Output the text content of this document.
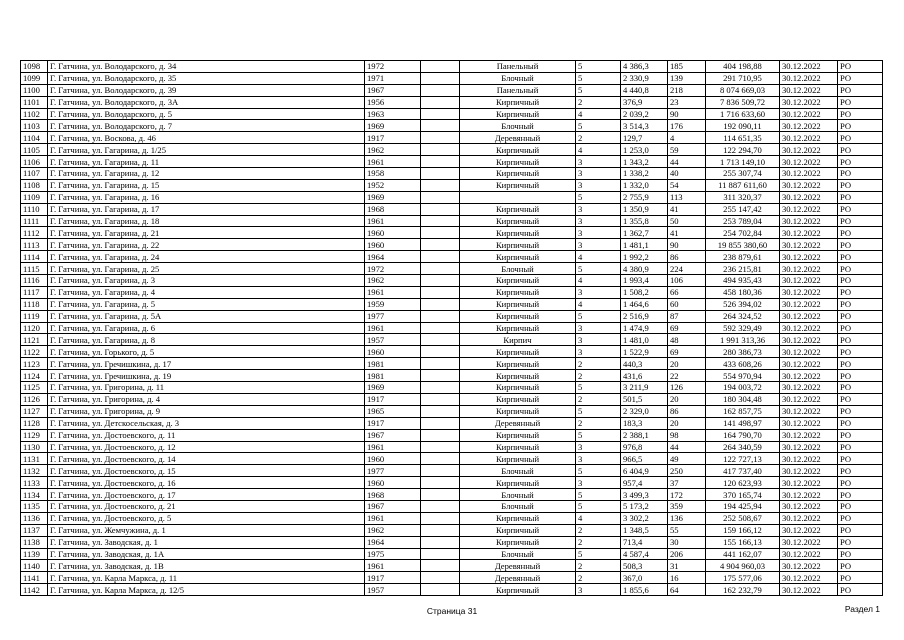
1098	Г. Гатчина, ул. Володарского, д. 34	1972		Панельный	5	4 386,3	185	404 198,88	30.12.2022	РО
1099	Г. Гатчина, ул. Володарского, д. 35	1971		Блочный	5	2 330,9	139	291 710,95	30.12.2022	РО
1100	Г. Гатчина, ул. Володарского, д. 39	1967		Панельный	5	4 440,8	218	8 074 669,03	30.12.2022	РО
1101	Г. Гатчина, ул. Володарского, д. 3А	1956		Кирпичный	2	376,9	23	7 836 509,72	30.12.2022	РО
1102	Г. Гатчина, ул. Володарского, д. 5	1963		Кирпичный	4	2 039,2	90	1 716 633,60	30.12.2022	РО
1103	Г. Гатчина, ул. Володарского, д. 7	1969		Блочный	5	3 514,3	176	192 090,11	30.12.2022	РО
1104	Г. Гатчина, ул. Воскова, д. 46	1917		Деревянный	2	129,7	4	114 651,35	30.12.2022	РО
1105	Г. Гатчина, ул. Гагарина, д. 1/25	1962		Кирпичный	4	1 253,0	59	122 294,70	30.12.2022	РО
1106	Г. Гатчина, ул. Гагарина, д. 11	1961		Кирпичный	3	1 343,2	44	1 713 149,10	30.12.2022	РО
1107	Г. Гатчина, ул. Гагарина, д. 12	1958		Кирпичный	3	1 338,2	40	255 307,74	30.12.2022	РО
1108	Г. Гатчина, ул. Гагарина, д. 15	1952		Кирпичный	3	1 332,0	54	11 887 611,60	30.12.2022	РО
1109	Г. Гатчина, ул. Гагарина, д. 16	1969			5	2 755,9	113	311 320,37	30.12.2022	РО
1110	Г. Гатчина, ул. Гагарина, д. 17	1968		Кирпичный	3	1 350,9	41	255 147,42	30.12.2022	РО
1111	Г. Гатчина, ул. Гагарина, д. 18	1961		Кирпичный	3	1 355,8	50	253 789,04	30.12.2022	РО
1112	Г. Гатчина, ул. Гагарина, д. 21	1960		Кирпичный	3	1 362,7	41	254 702,84	30.12.2022	РО
1113	Г. Гатчина, ул. Гагарина, д. 22	1960		Кирпичный	3	1 481,1	90	19 855 380,60	30.12.2022	РО
1114	Г. Гатчина, ул. Гагарина, д. 24	1964		Кирпичный	4	1 992,2	86	238 879,61	30.12.2022	РО
1115	Г. Гатчина, ул. Гагарина, д. 25	1972		Блочный	5	4 380,9	224	236 215,81	30.12.2022	РО
1116	Г. Гатчина, ул. Гагарина, д. 3	1962		Кирпичный	4	1 993,4	106	494 935,43	30.12.2022	РО
1117	Г. Гатчина, ул. Гагарина, д. 4	1961		Кирпичный	3	1 508,2	66	458 180,36	30.12.2022	РО
1118	Г. Гатчина, ул. Гагарина, д. 5	1959		Кирпичный	4	1 464,6	60	526 394,02	30.12.2022	РО
1119	Г. Гатчина, ул. Гагарина, д. 5А	1977		Кирпичный	5	2 516,9	87	264 324,52	30.12.2022	РО
1120	Г. Гатчина, ул. Гагарина, д. 6	1961		Кирпичный	3	1 474,9	69	592 329,49	30.12.2022	РО
1121	Г. Гатчина, ул. Гагарина, д. 8	1957		Кирпич	3	1 481,0	48	1 991 313,36	30.12.2022	РО
1122	Г. Гатчина, ул. Горького, д. 5	1960		Кирпичный	3	1 522,9	69	280 386,73	30.12.2022	РО
1123	Г. Гатчина, ул. Гречишкина, д. 17	1981		Кирпичный	2	440,3	20	433 608,26	30.12.2022	РО
1124	Г. Гатчина, ул. Гречишкина, д. 19	1981		Кирпичный	2	431,6	22	554 970,94	30.12.2022	РО
1125	Г. Гатчина, ул. Григорина, д. 11	1969		Кирпичный	5	3 211,9	126	194 003,72	30.12.2022	РО
1126	Г. Гатчина, ул. Григорина, д. 4	1917		Кирпичный	2	501,5	20	180 304,48	30.12.2022	РО
1127	Г. Гатчина, ул. Григорина, д. 9	1965		Кирпичный	5	2 329,0	86	162 857,75	30.12.2022	РО
1128	Г. Гатчина, ул. Детскосельская, д. 3	1917		Деревянный	2	183,3	20	141 498,97	30.12.2022	РО
1129	Г. Гатчина, ул. Достоевского, д. 11	1967		Кирпичный	5	2 388,1	98	164 790,70	30.12.2022	РО
1130	Г. Гатчина, ул. Достоевского, д. 12	1961		Кирпичный	3	976,8	44	264 340,59	30.12.2022	РО
1131	Г. Гатчина, ул. Достоевского, д. 14	1960		Кирпичный	3	966,5	49	122 727,13	30.12.2022	РО
1132	Г. Гатчина, ул. Достоевского, д. 15	1977		Блочный	5	6 404,9	250	417 737,40	30.12.2022	РО
1133	Г. Гатчина, ул. Достоевского, д. 16	1960		Кирпичный	3	957,4	37	120 623,93	30.12.2022	РО
1134	Г. Гатчина, ул. Достоевского, д. 17	1968		Блочный	5	3 499,3	172	370 165,74	30.12.2022	РО
1135	Г. Гатчина, ул. Достоевского, д. 21	1967		Блочный	5	5 173,2	359	194 425,94	30.12.2022	РО
1136	Г. Гатчина, ул. Достоевского, д. 5	1961		Кирпичный	4	3 302,2	136	252 508,67	30.12.2022	РО
1137	Г. Гатчина, ул. Жемчужина, д. 1	1962		Кирпичный	2	1 348,5	55	159 166,12	30.12.2022	РО
1138	Г. Гатчина, ул. Заводская, д. 1	1964		Кирпичный	2	713,4	30	155 166,13	30.12.2022	РО
1139	Г. Гатчина, ул. Заводская, д. 1А	1975		Блочный	5	4 587,4	206	441 162,07	30.12.2022	РО
1140	Г. Гатчина, ул. Заводская, д. 1В	1961		Деревянный	2	508,3	31	4 904 960,03	30.12.2022	РО
1141	Г. Гатчина, ул. Карла Маркса, д. 11	1917		Деревянный	2	367,0	16	175 577,06	30.12.2022	РО
1142	Г. Гатчина, ул. Карла Маркса, д. 12/5	1957		Кирпичный	3	1 855,6	64	162 232,79	30.12.2022	РО
Страница 31	Раздел 1
